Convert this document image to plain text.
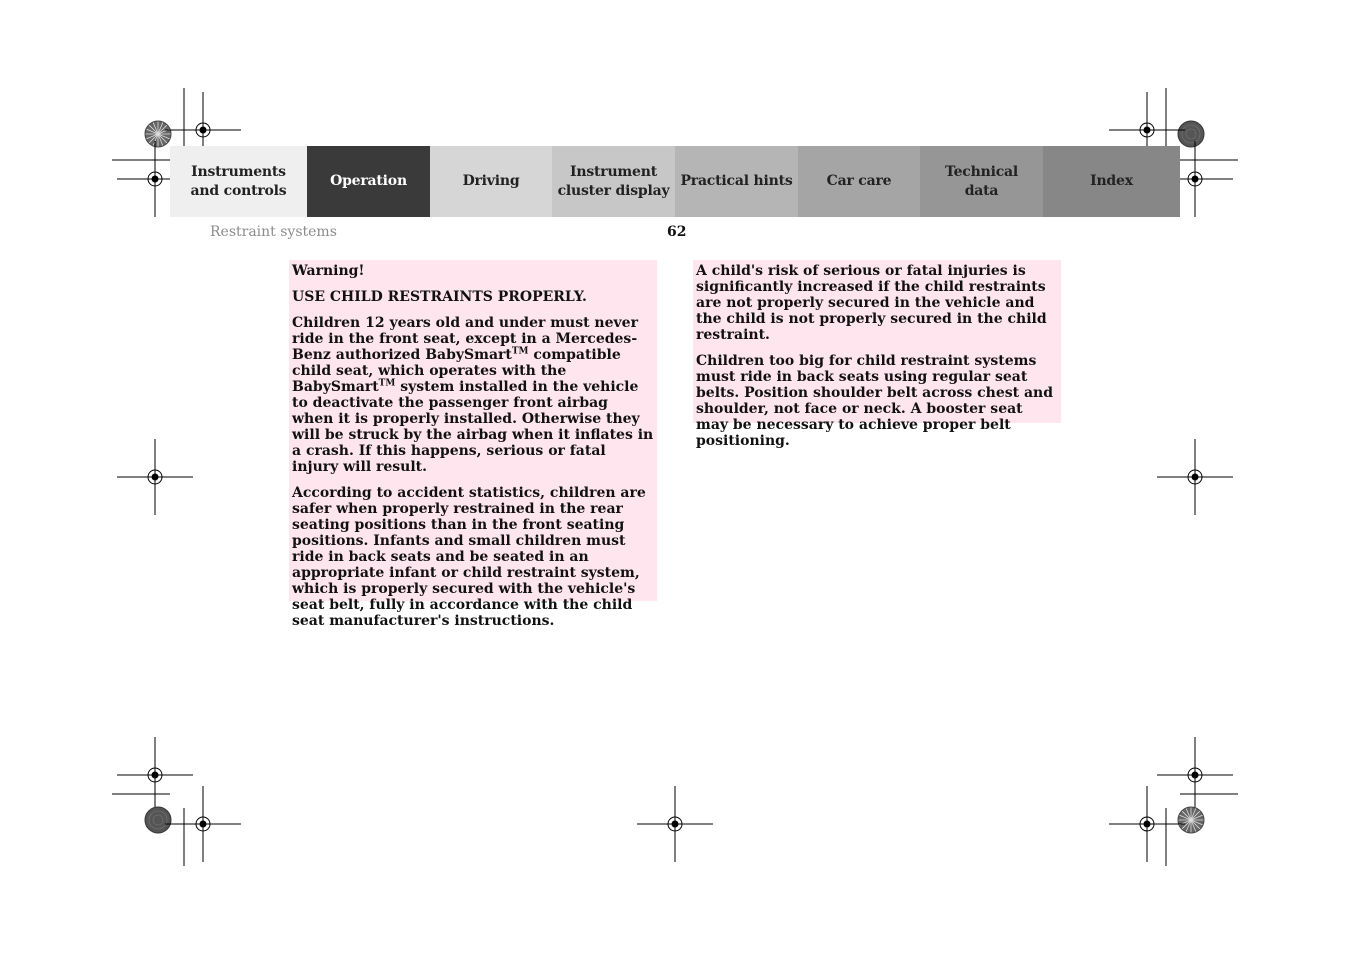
Instruments
and controls
Operation	Driving
Instrument
cluster display
Practical hints Car care
Technical
data
Index
Restraint systems	62

Warning!

USE CHILD RESTRAINTS PROPERLY.

Children 12 years old and under must never ride in the front seat, except in a Mercedes-Benz authorized BabySmart™ compatible child seat, which operates with the BabySmart™ system installed in the vehicle to deactivate the passenger front airbag when it is properly installed. Otherwise they will be struck by the airbag when it inflates in a crash. If this happens, serious or fatal injury will result.

According to accident statistics, children are safer when properly restrained in the rear seating positions than in the front seating positions. Infants and small children must ride in back seats and be seated in an appropriate infant or child restraint system, which is properly secured with the vehicle's seat belt, fully in accordance with the child seat manufacturer's instructions.

A child's risk of serious or fatal injuries is significantly increased if the child restraints are not properly secured in the vehicle and the child is not properly secured in the child restraint.

Children too big for child restraint systems must ride in back seats using regular seat belts. Position shoulder belt across chest and shoulder, not face or neck. A booster seat may be necessary to achieve proper belt positioning.
